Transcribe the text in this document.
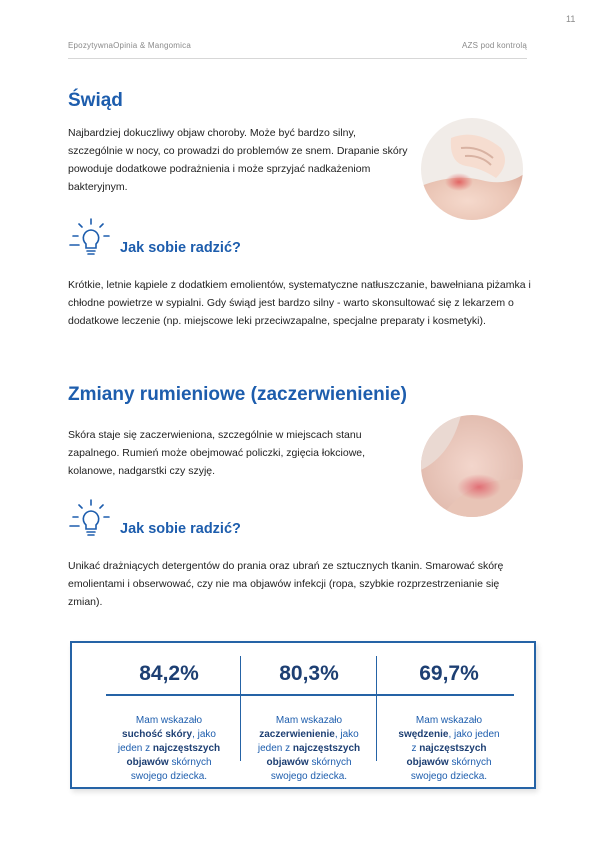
11
EpozytywnaOpinia & Mangomica	AZS pod kontrolą
Świąd
Najbardziej dokuczliwy objaw choroby. Może być bardzo silny, szczególnie w nocy, co prowadzi do problemów ze snem. Drapanie skóry powoduje dodatkowe podrażnienia i może sprzyjać nadkażeniom bakteryjnym.
Jak sobie radzić?
Krótkie, letnie kąpiele z dodatkiem emolientów, systematyczne natłuszczanie, bawełniana piżamka i chłodne powietrze w sypialni. Gdy świąd jest bardzo silny - warto skonsultować się z lekarzem o dodatkowe leczenie (np. miejscowe leki przeciwzapalne, specjalne preparaty i kosmetyki).
Zmiany rumieniowe (zaczerwienienie)
Skóra staje się zaczerwieniona, szczególnie w miejscach stanu zapalnego. Rumień może obejmować policzki, zgięcia łokciowe, kolanowe, nadgarstki czy szyję.
Jak sobie radzić?
Unikać drażniących detergentów do prania oraz ubrań ze sztucznych tkanin. Smarować skórę emolientami i obserwować, czy nie ma objawów infekcji (ropa, szybkie rozprzestrzenianie się zmian).
84,2%
Mam wskazało
suchość skóry, jako
jeden z najczęstszych
objawów skórnych
swojego dziecka.
80,3%
Mam wskazało
zaczerwienienie, jako
jeden z najczęstszych
objawów skórnych
swojego dziecka.
69,7%
Mam wskazało
swędzenie, jako jeden
z najczęstszych
objawów skórnych
swojego dziecka.
